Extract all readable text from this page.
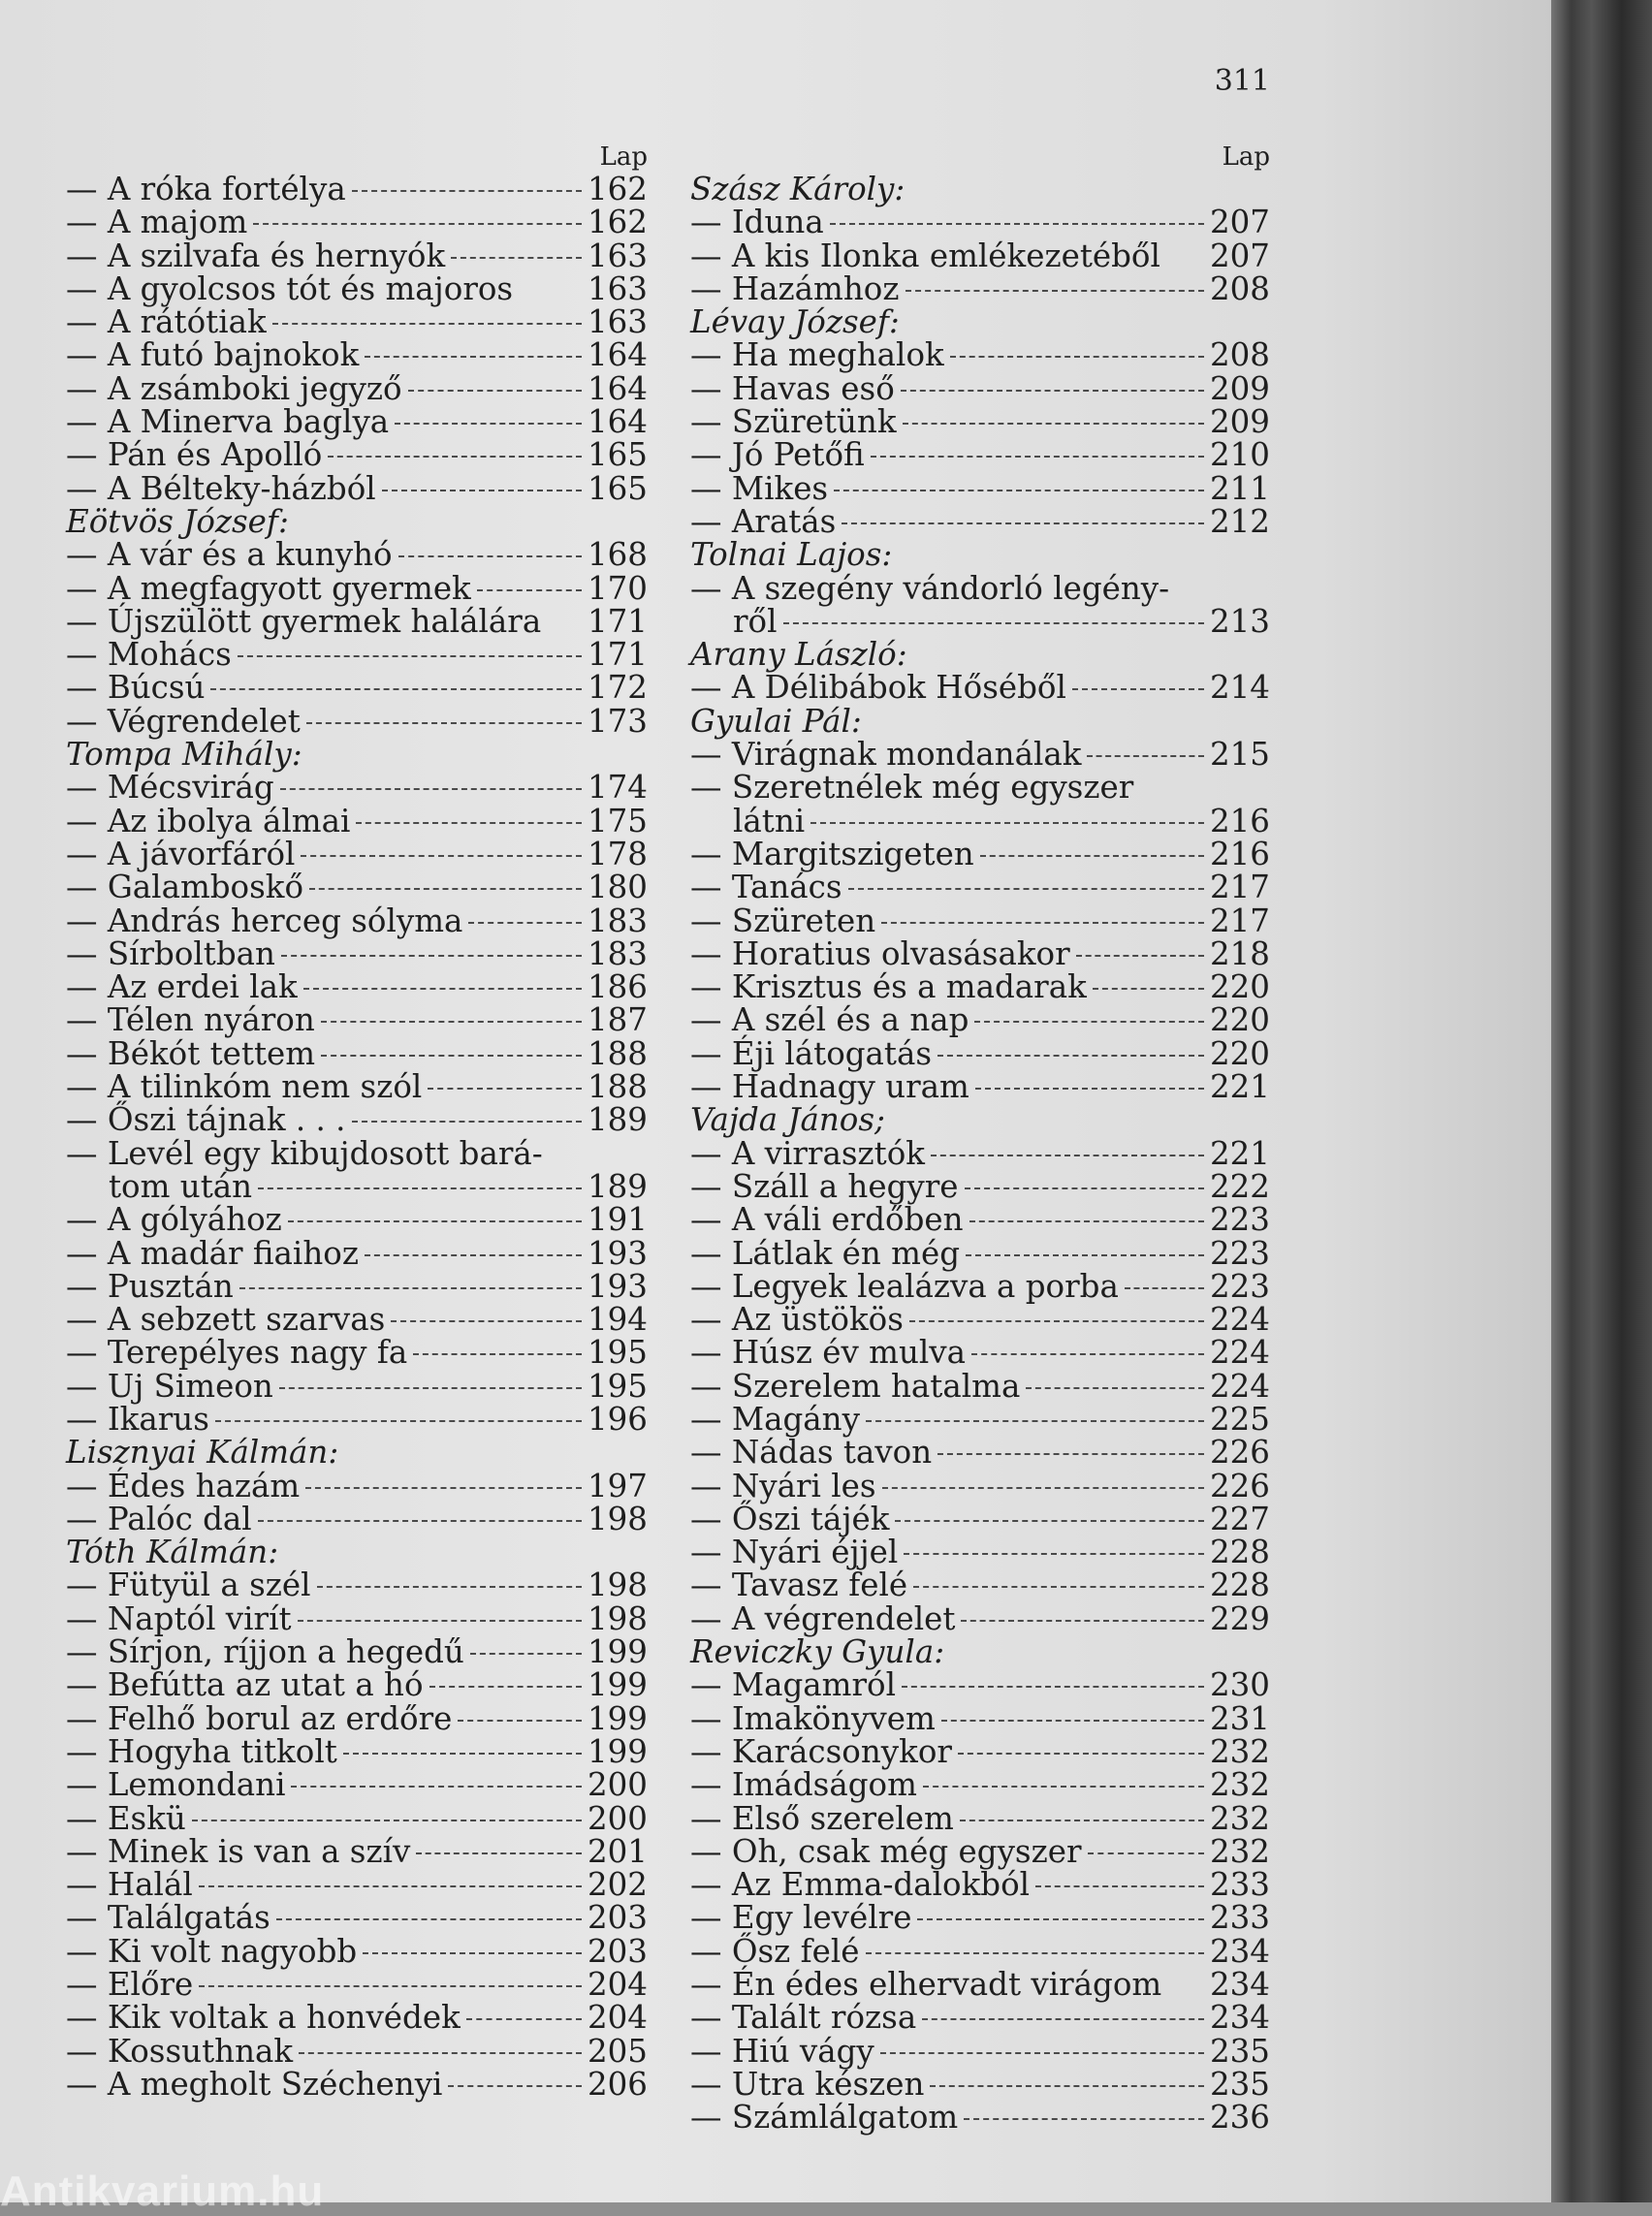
311
Lap
— A róka fortélya	162
— A majom	162
— A szilvafa és hernyók	163
— A gyolcsos tót és majoros 163
— A rátótiak	163
— A futó bajnokok	164
— A zsámboki jegyző	164
— A Minerva baglya	164
— Pán és Apolló	165
— A Bélteky-házból	165
Eötvös József:
— A vár és a kunyhó	168
— A megfagyott gyermek	170
— Újszülött gyermek halálára 171
— Mohács	171
— Búcsú	172
— Végrendelet	173
Tompa Mihály:
— Mécsvirág	174
— Az ibolya álmai	175
— A jávorfáról	178
— Galamboskő	180
— András herceg sólyma	183
— Sírboltban	183
— Az erdei lak	186
— Télen nyáron	187
— Békót tettem	188
— A tilinkóm nem szól	188
— Őszi tájnak . . .	189
— Levél egy kibujdosott bará-
tom után	189
— A gólyához	191
— A madár fiaihoz	193
— Pusztán	193
— A sebzett szarvas	194
— Terepélyes nagy fa	195
— Uj Simeon	195
— Ikarus	196
Lisznyai Kálmán:
— Édes hazám	197
— Palóc dal	198
Tóth Kálmán:
— Fütyül a szél	198
— Naptól virít	198
— Sírjon, ríjjon a hegedű	199
— Befútta az utat a hó	199
— Felhő borul az erdőre	199
— Hogyha titkolt	199
— Lemondani	200
— Eskü	200
— Minek is van a szív	201
— Halál	202
— Találgatás	203
— Ki volt nagyobb	203
— Előre	204
— Kik voltak a honvédek	204
— Kossuthnak	205
— A megholt Széchenyi	206
Lap
Szász Károly:
— Iduna	207
— A kis Ilonka emlékezetéből 207
— Hazámhoz	208
Lévay József:
— Ha meghalok	208
— Havas eső	209
— Szüretünk	209
— Jó Petőfi	210
— Mikes	211
— Aratás	212
Tolnai Lajos:
— A szegény vándorló legény-
ről	213
Arany László:
— A Délibábok Hőséből	214
Gyulai Pál:
— Virágnak mondanálak	215
— Szeretnélek még egyszer
látni	216
— Margitszigeten	216
— Tanács	217
— Szüreten	217
— Horatius olvasásakor	218
— Krisztus és a madarak	220
— A szél és a nap	220
— Éji látogatás	220
— Hadnagy uram	221
Vajda János;
— A virrasztók	221
— Száll a hegyre	222
— A váli erdőben	223
— Látlak én még	223
— Legyek lealázva a porba	223
— Az üstökös	224
— Húsz év mulva	224
— Szerelem hatalma	224
— Magány	225
— Nádas tavon	226
— Nyári les	226
— Őszi tájék	227
— Nyári éjjel	228
— Tavasz felé	228
— A végrendelet	229
Reviczky Gyula:
— Magamról	230
— Imakönyvem	231
— Karácsonykor	232
— Imádságom	232
— Első szerelem	232
— Oh, csak még egyszer	232
— Az Emma-dalokból	233
— Egy levélre	233
— Ősz felé	234
— Én édes elhervadt virágom 234
— Talált rózsa	234
— Hiú vágy	235
— Utra készen	235
— Számlálgatom	236
Antikvarium.hu
